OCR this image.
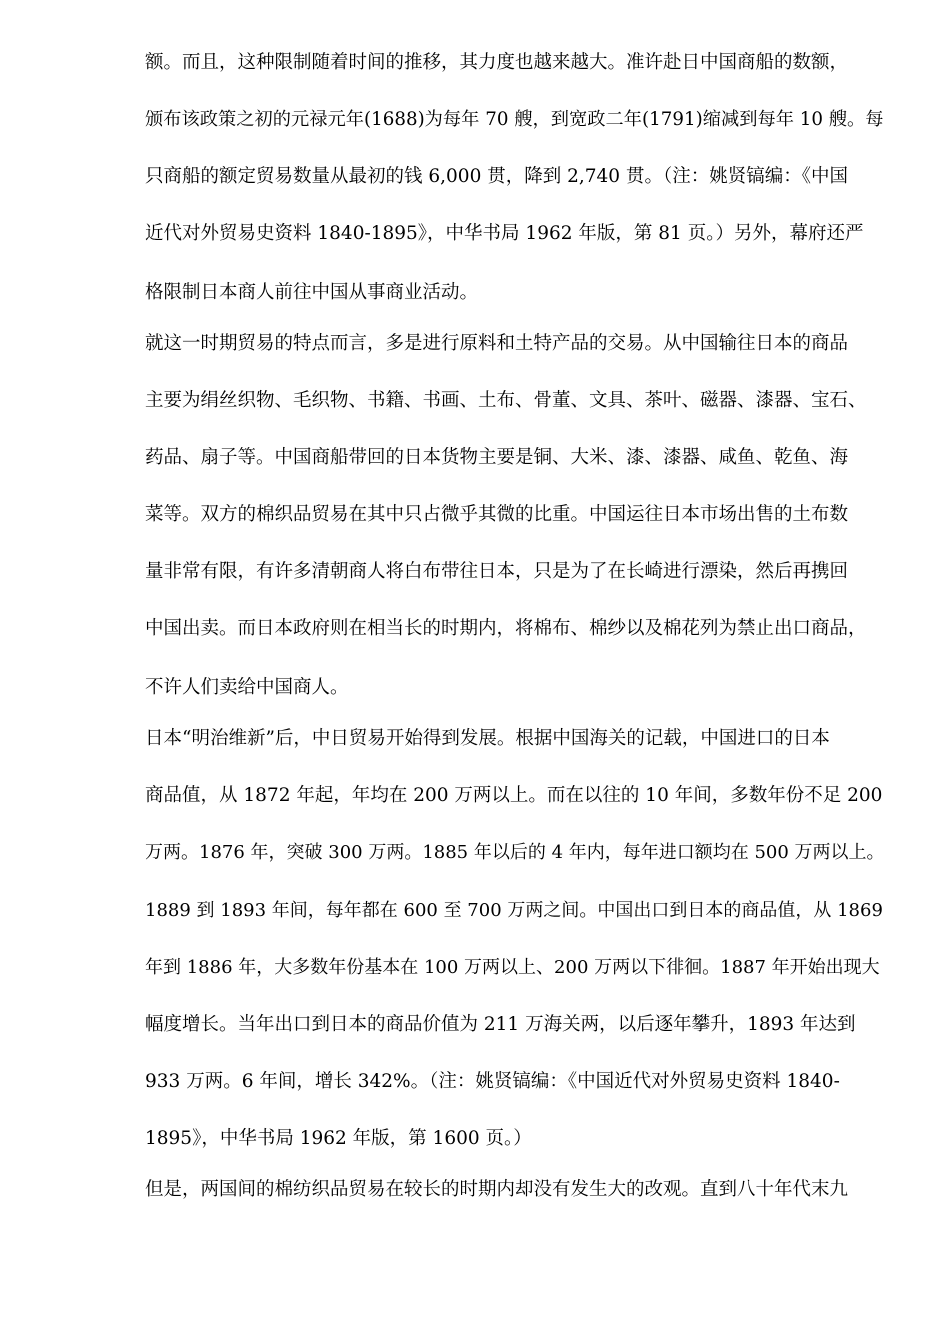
额。而且，这种限制随着时间的推移，其力度也越来越大。准许赴日中国商船的数额，
颁布该政策之初的元禄元年(1688)为每年 70 艘，到宽政二年(1791)缩减到每年 10 艘。每
只商船的额定贸易数量从最初的钱 6,000 贯，降到 2,740 贯。（注：姚贤镐编：《中国
近代对外贸易史资料 1840-1895》，中华书局 1962 年版，第 81 页。）另外，幕府还严
格限制日本商人前往中国从事商业活动。
就这一时期贸易的特点而言，多是进行原料和土特产品的交易。从中国输往日本的商品
主要为绢丝织物、毛织物、书籍、书画、土布、骨董、文具、茶叶、磁器、漆器、宝石、
药品、扇子等。中国商船带回的日本货物主要是铜、大米、漆、漆器、咸鱼、乾鱼、海
菜等。双方的棉织品贸易在其中只占微乎其微的比重。中国运往日本市场出售的土布数
量非常有限，有许多清朝商人将白布带往日本，只是为了在长崎进行漂染，然后再携回
中国出卖。而日本政府则在相当长的时期内，将棉布、棉纱以及棉花列为禁止出口商品，
不许人们卖给中国商人。
日本“明治维新”后，中日贸易开始得到发展。根据中国海关的记载，中国进口的日本
商品值，从 1872 年起，年均在 200 万两以上。而在以往的 10 年间，多数年份不足 200
万两。1876 年，突破 300 万两。1885 年以后的 4 年内，每年进口额均在 500 万两以上。
1889 到 1893 年间，每年都在 600 至 700 万两之间。中国出口到日本的商品值，从 1869
年到 1886 年，大多数年份基本在 100 万两以上、200 万两以下徘徊。1887 年开始出现大
幅度增长。当年出口到日本的商品价值为 211 万海关两，以后逐年攀升，1893 年达到
933 万两。6 年间，增长 342%。（注：姚贤镐编：《中国近代对外贸易史资料 1840-
1895》，中华书局 1962 年版，第 1600 页。）
但是，两国间的棉纺织品贸易在较长的时期内却没有发生大的改观。直到八十年代末九
